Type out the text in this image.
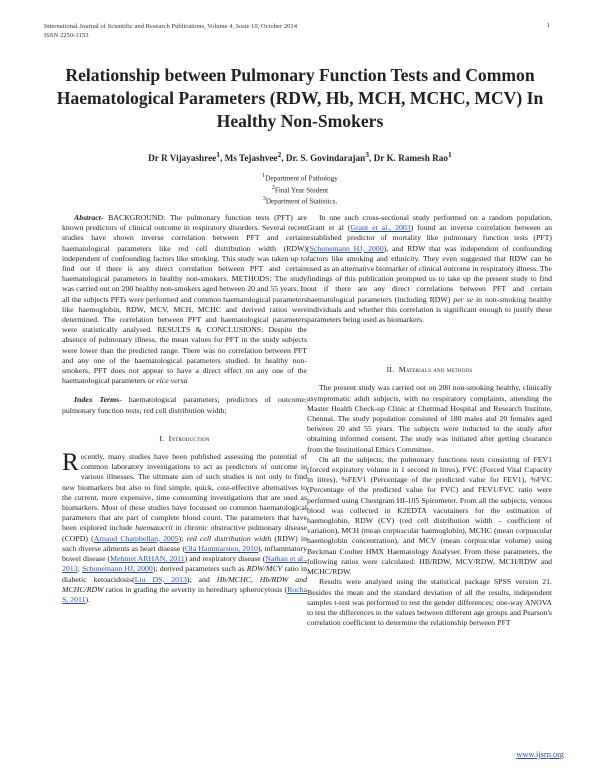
International Journal of Scientific and Research Publications, Volume 4, Issue 10, October 2014
ISSN 2250-3153
1
Relationship between Pulmonary Function Tests and Common Haematological Parameters (RDW, Hb, MCH, MCHC, MCV) In Healthy Non-Smokers
Dr R Vijayashree$^1$, Ms Tejashvee$^2$, Dr. S. Govindarajan$^3$, Dr K. Ramesh Rao$^1$
$^1$Department of Pathology
$^2$Final Year Student
$^3$Department of Statistics,

Abstract- BACKGROUND: The pulmonary function tests (PFT) are known predictors of clinical outcome in respiratory disorders. Several recent studies have shown inverse correlation between PFT and certain haematological parameters like red cell distribution width (RDW) independent of confounding factors like smoking. This study was taken up to find out if there is any direct correlation between PFT and certain haematological parameters in healthy non-smokers. METHODS: The study was carried out on 200 healthy non-smokers aged between 20 and 55 years. In all the subjects PFTs were performed and common haematological parameters like haemoglobin, RDW, MCV, MCH, MCHC and derived ratios were determined. The correlation between PFT and haematological parameters were statistically analysed. RESULTS & CONCLUSIONS: Despite the absence of pulmonary illness, the mean values for PFT in the study subjects were lower than the predicted range. There was no correlation between PFT and any one of the haematological parameters studied. In healthy non-smokers, PFT does not appear to have a direct effect on any one of the haematological parameters or vice versa

Index Terms- haematological parameters; predictors of outcome; pulmonary function tests; red cell distribution width;

I. Introduction

Recently, many studies have been published assessing the potential of common laboratory investigations to act as predictors of outcome in various illnesses. The ultimate aim of such studies is not only to find new biomarkers but also to find simple, quick, cost-effective alternatives to the current, more expensive, time consuming investigations that are used as biomarkers. Most of these studies have focussed on common haematological parameters that are part of complete blood count. The parameters that have been explored include haematocrit in chronic obstructive pulmonary disease (COPD) (Arnaud Chambellan, 2005); red cell distribution width (RDW) in such diverse ailments as heart disease (Ola Hammarsten, 2010), inflammatory bowel disease (Mehmet ARHAN, 2011) and respiratory disease (Nathan et al., 2013; Schunemann HJ, 2000); derived parameters such as RDW/MCV ratio in diabetic ketoacidosis(Liu DS, 2013); and Hb/MCHC, Hb/RDW and MCHC/RDW ratios in grading the severity in hereditary spherocytosis (Rocha S, 2011).

In one such cross-sectional study performed on a random population, Grant et al (Grant et al., 2003) found an inverse correlation between an established predictor of mortality like pulmonary function tests (PFT) (Schunemann HJ, 2000), and RDW that was independent of confounding factors like smoking and ethnicity. They even suggested that RDW can be used as an alternative biomarker of clinical outcome in respiratory illness. The findings of this publication prompted us to take up the present study to find out if there are any direct correlations between PFT and certain haematological parameters (including RDW) per se in non-smoking healthy individuals and whether this correlation is significant enough to justify these parameters being used as biomarkers.

II. Materials and methods

The present study was carried out on 200 non-smoking healthy, clinically asymptomatic adult subjects, with no respiratory complaints, attending the Master Health Check-up Clinic at Chettinad Hospital and Research Institute, Chennai. The study population consisted of 180 males and 20 females aged between 20 and 55 years. The subjects were inducted to the study after obtaining informed consent. The study was initiated after getting clearance from the Institutional Ethics Committee.

On all the subjects, the pulmonary functions tests consisting of FEV1 (forced expiratory volume in 1 second in litres), FVC (Forced Vital Capacity in litres), %FEV1 (Percentage of the predicted value for FEV1), %FVC (Percentage of the predicted value for FVC) and FEV1/FVC ratio were performed using Chestgram HI-105 Spirometer. From all the subjects, venous blood was collected in K2EDTA vacutainers for the estimation of haemoglobin, RDW (CV) (red cell distribution width – coefficient of variation), MCH (mean corpuscular haemoglobin), MCHC (mean corpuscular haemoglobin concentration), and MCV (mean corpuscular volume) using Beckman Coulter HMX Haematology Analyser. From these parameters, the following ratios were calculated: HB/RDW, MCV/RDW, MCH/RDW and MCHC/RDW.

Results were analysed using the statistical package SPSS version 21. Besides the mean and the standard deviation of all the results, independent samples t-test was performed to test the gender differences; one-way ANOVA to test the differences in the values between different age groups and Pearson's correlation coefficient to determine the relationship between PFT

www.ijsrp.org
